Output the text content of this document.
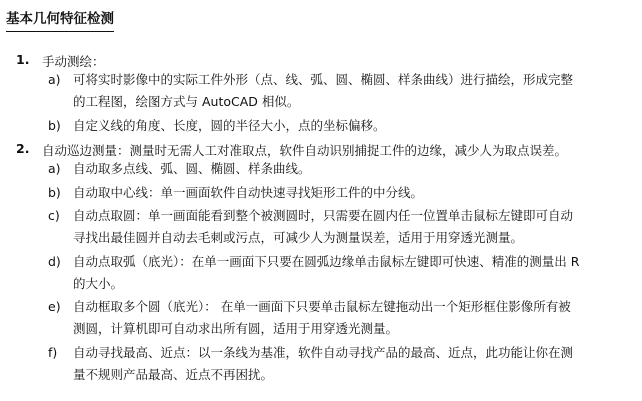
基本几何特征检测
1. 手动测绘：
a) 可将实时影像中的实际工件外形（点、线、弧、圆、椭圆、样条曲线）进行描绘，形成完整
的工程图，绘图方式与 AutoCAD 相似。
b) 自定义线的角度、长度，圆的半径大小，点的坐标偏移。
2. 自动巡边测量：测量时无需人工对准取点，软件自动识别捕捉工件的边缘，减少人为取点误差。
a) 自动取多点线、弧、圆、椭圆、样条曲线。
b) 自动取中心线：单一画面软件自动快速寻找矩形工件的中分线。
c) 自动点取圆：单一画面能看到整个被测圆时，只需要在圆内任一位置单击鼠标左键即可自动
寻找出最佳圆并自动去毛刺或污点，可减少人为测量误差，适用于用穿透光测量。
d) 自动点取弧（底光）：在单一画面下只要在圆弧边缘单击鼠标左键即可快速、精准的测量出 R
的大小。
e) 自动框取多个圆（底光）： 在单一画面下只要单击鼠标左键拖动出一个矩形框住影像所有被
测圆，计算机即可自动求出所有圆，适用于用穿透光测量。
f) 自动寻找最高、近点：以一条线为基准，软件自动寻找产品的最高、近点，此功能让你在测
量不规则产品最高、近点不再困扰。
